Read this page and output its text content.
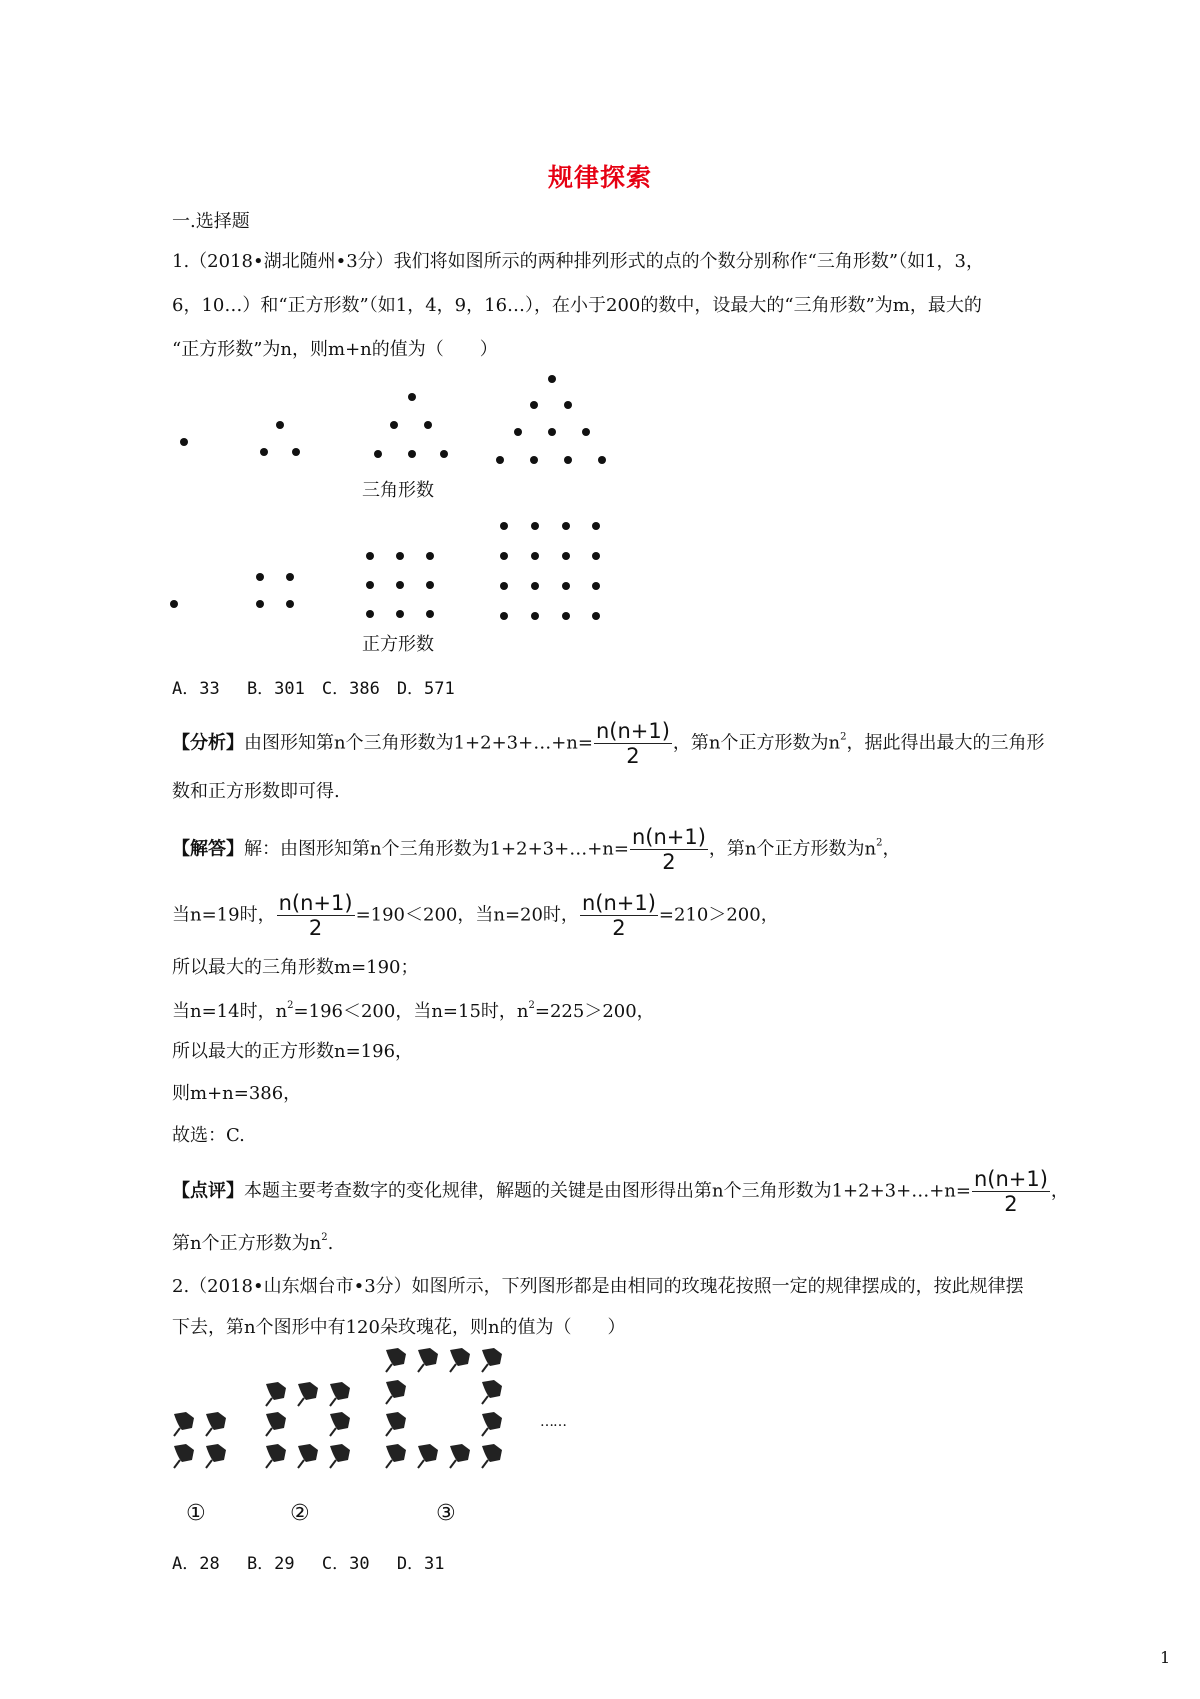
规律探索
一.选择题
1.（2018•湖北随州•3分）我们将如图所示的两种排列形式的点的个数分别称作“三角形数”（如1，3，
6，10…）和“正方形数”（如1，4，9，16…），在小于200的数中，设最大的“三角形数”为m，最大的
“正方形数”为n，则m+n的值为（　　）
三角形数
正方形数
A．33　 B．301　C．386　D．571
【分析】由图形知第n个三角形数为1+2+3+…+n= $\frac{n(n+1)}{2}$ ，第n个正方形数为$n^2$，据此得出最大的三角形
数和正方形数即可得.
【解答】解：由图形知第n个三角形数为1+2+3+…+n= $\frac{n(n+1)}{2}$ ，第n个正方形数为$n^2$，
当n=19时， $\frac{n(n+1)}{2} =190<200$，当n=20时， $\frac{n(n+1)}{2} =210>200$，
所以最大的三角形数m=190；
当n=14时，$n^2=196<200$，当n=15时，$n^2=225>200$，
所以最大的正方形数n=196，
则m+n=386，
故选：C.
【点评】本题主要考查数字的变化规律，解题的关键是由图形得出第n个三角形数为1+2+3+…+n= $\frac{n(n+1)}{2}$ ，
第n个正方形数为$n^2$.
2.（2018•山东烟台市•3分）如图所示，下列图形都是由相同的玫瑰花按照一定的规律摆成的，按此规律摆
下去，第n个图形中有120朵玫瑰花，则n的值为（　　）
……
①	②	③
A．28　 B．29　 C．30　 D．31
1
